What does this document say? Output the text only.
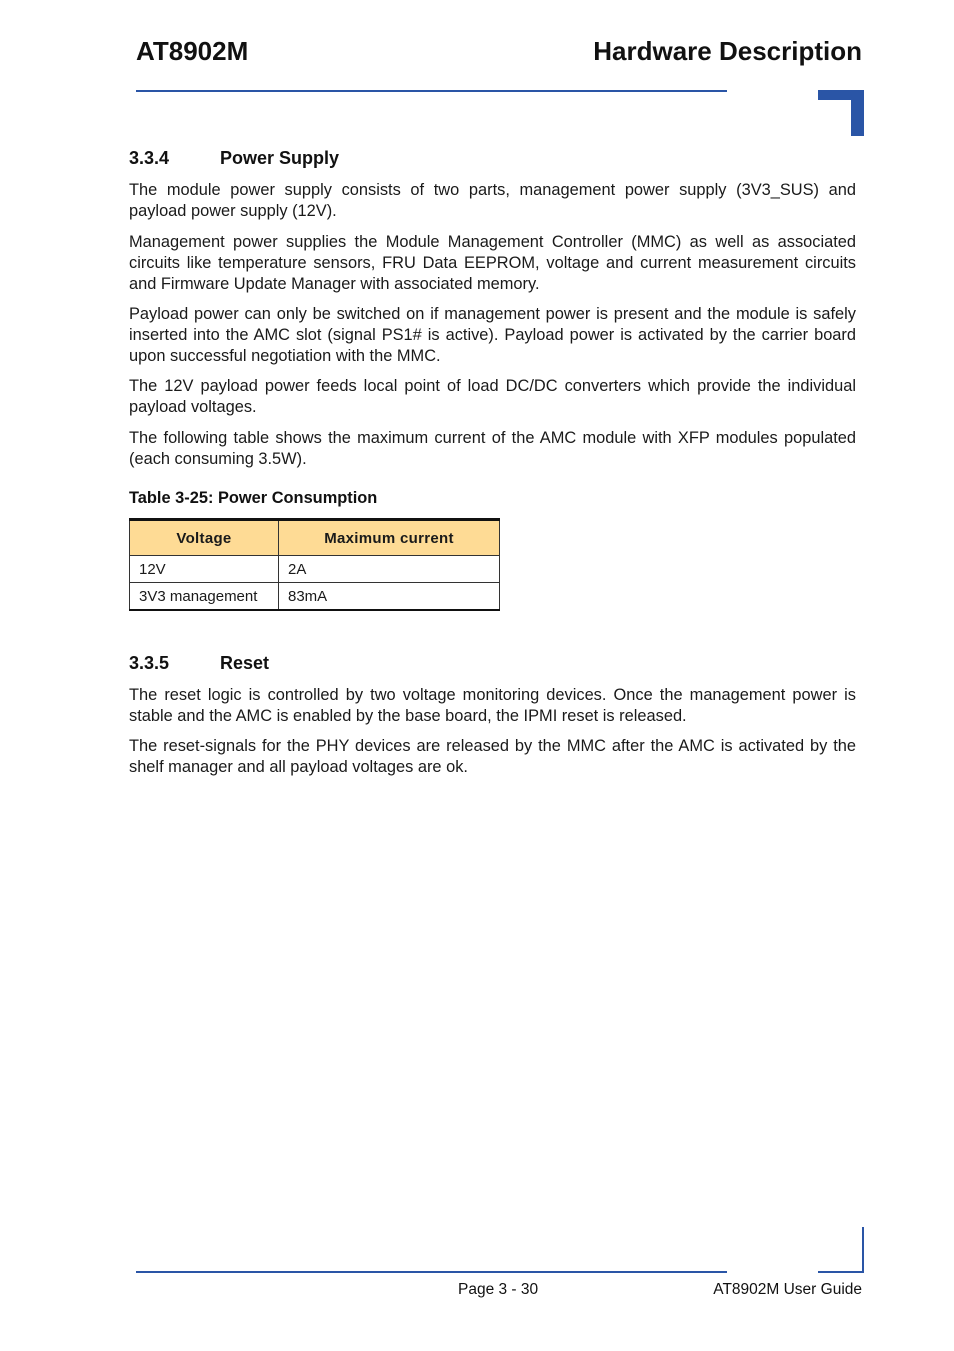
AT8902M	Hardware Description
3.3.4	Power Supply

The module power supply consists of two parts, management power supply (3V3_SUS) and payload power supply (12V).

Management power supplies the Module Management Controller (MMC) as well as associated circuits like temperature sensors, FRU Data EEPROM, voltage and current measurement circuits and Firmware Update Manager with associated memory.

Payload power can only be switched on if management power is present and the module is safely inserted into the AMC slot (signal PS1# is active). Payload power is activated by the carrier board upon successful negotiation with the MMC.

The 12V payload power feeds local point of load DC/DC converters which provide the individual payload voltages.

The following table shows the maximum current of the AMC module with XFP modules populated (each consuming 3.5W).

Table 3-25: Power Consumption
Voltage	Maximum current
12V	2A
3V3 management	83mA
3.3.5	Reset

The reset logic is controlled by two voltage monitoring devices. Once the management power is stable and the AMC is enabled by the base board, the IPMI reset is released.

The reset-signals for the PHY devices are released by the MMC after the AMC is activated by the shelf manager and all payload voltages are ok.

Page 3 - 30	AT8902M User Guide
